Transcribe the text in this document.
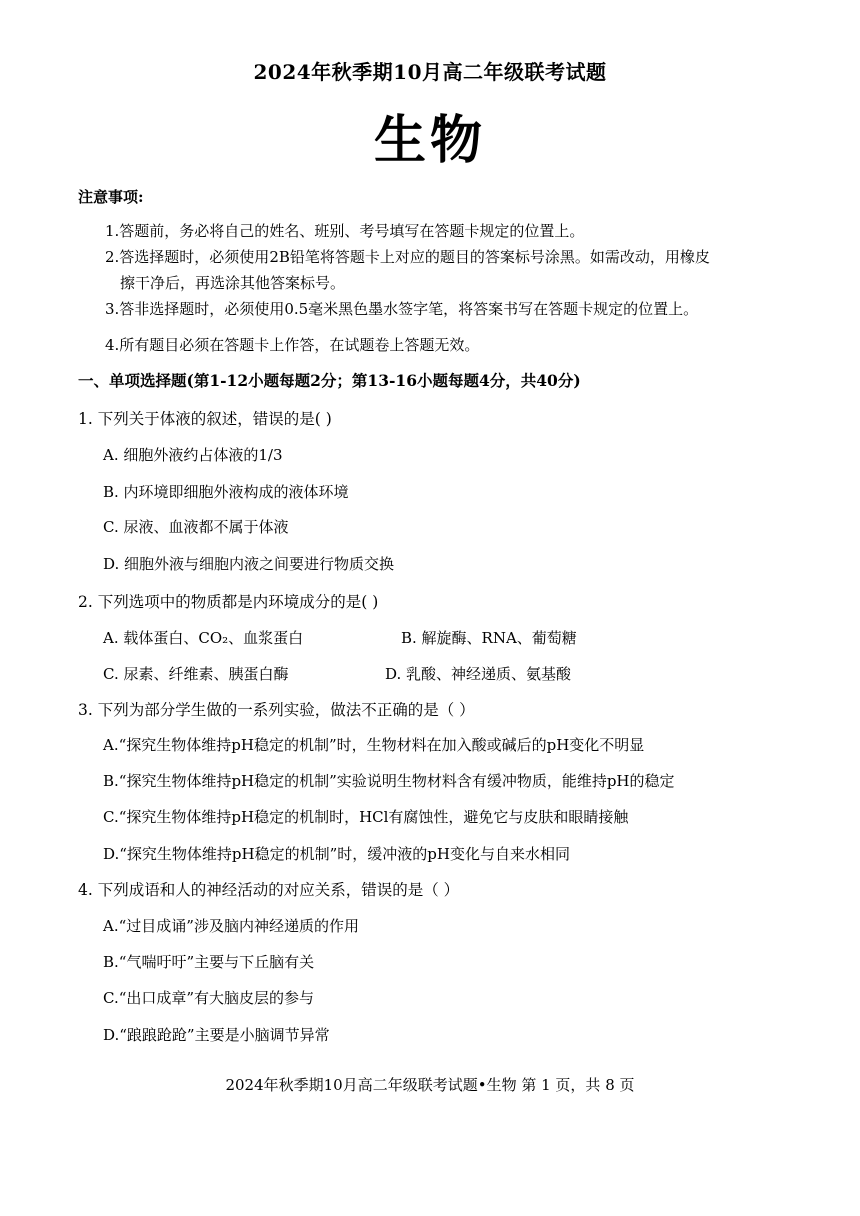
2024年秋季期10月高二年级联考试题
生物
注意事项:
1.答题前，务必将自己的姓名、班别、考号填写在答题卡规定的位置上。
2.答选择题时，必须使用2B铅笔将答题卡上对应的题目的答案标号涂黑。如需改动，用橡皮
擦干净后，再选涂其他答案标号。
3.答非选择题时，必须使用0.5毫米黑色墨水签字笔，将答案书写在答题卡规定的位置上。
4.所有题目必须在答题卡上作答，在试题卷上答题无效。
一、单项选择题(第1-12小题每题2分；第13-16小题每题4分，共40分)
1. 下列关于体液的叙述，错误的是( )
A. 细胞外液约占体液的1/3
B. 内环境即细胞外液构成的液体环境
C. 尿液、血液都不属于体液
D. 细胞外液与细胞内液之间要进行物质交换
2. 下列选项中的物质都是内环境成分的是( )
A. 载体蛋白、CO₂、血浆蛋白	B. 解旋酶、RNA、葡萄糖
C. 尿素、纤维素、胰蛋白酶	D. 乳酸、神经递质、氨基酸
3. 下列为部分学生做的一系列实验，做法不正确的是（ ）
A.“探究生物体维持pH稳定的机制”时，生物材料在加入酸或碱后的pH变化不明显
B.“探究生物体维持pH稳定的机制”实验说明生物材料含有缓冲物质，能维持pH的稳定
C.“探究生物体维持pH稳定的机制时，HCl有腐蚀性，避免它与皮肤和眼睛接触
D.“探究生物体维持pH稳定的机制”时，缓冲液的pH变化与自来水相同
4. 下列成语和人的神经活动的对应关系，错误的是（ ）
A.“过目成诵”涉及脑内神经递质的作用
B.“气喘吁吁”主要与下丘脑有关
C.“出口成章”有大脑皮层的参与
D.“踉踉跄跄”主要是小脑调节异常
2024年秋季期10月高二年级联考试题•生物 第 1 页，共 8 页
